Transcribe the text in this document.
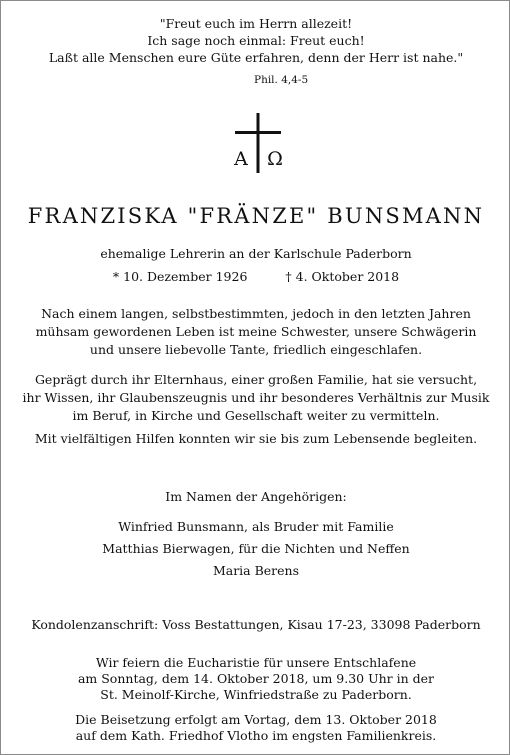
"Freut euch im Herrn allezeit!
Ich sage noch einmal: Freut euch!
Laßt alle Menschen eure Güte erfahren, denn der Herr ist nahe."
Phil. 4,4-5
A Ω
FRANZISKA "FRÄNZE" BUNSMANN
ehemalige Lehrerin an der Karlschule Paderborn
* 10. Dezember 1926	† 4. Oktober 2018
Nach einem langen, selbstbestimmten, jedoch in den letzten Jahren
mühsam gewordenen Leben ist meine Schwester, unsere Schwägerin
und unsere liebevolle Tante, friedlich eingeschlafen.
Geprägt durch ihr Elternhaus, einer großen Familie, hat sie versucht,
ihr Wissen, ihr Glaubenszeugnis und ihr besonderes Verhältnis zur Musik
im Beruf, in Kirche und Gesellschaft weiter zu vermitteln.
Mit vielfältigen Hilfen konnten wir sie bis zum Lebensende begleiten.
Im Namen der Angehörigen:
Winfried Bunsmann, als Bruder mit Familie
Matthias Bierwagen, für die Nichten und Neffen
Maria Berens
Kondolenzanschrift: Voss Bestattungen, Kisau 17-23, 33098 Paderborn
Wir feiern die Eucharistie für unsere Entschlafene
am Sonntag, dem 14. Oktober 2018, um 9.30 Uhr in der
St. Meinolf-Kirche, Winfriedstraße zu Paderborn.
Die Beisetzung erfolgt am Vortag, dem 13. Oktober 2018
auf dem Kath. Friedhof Vlotho im engsten Familienkreis.
